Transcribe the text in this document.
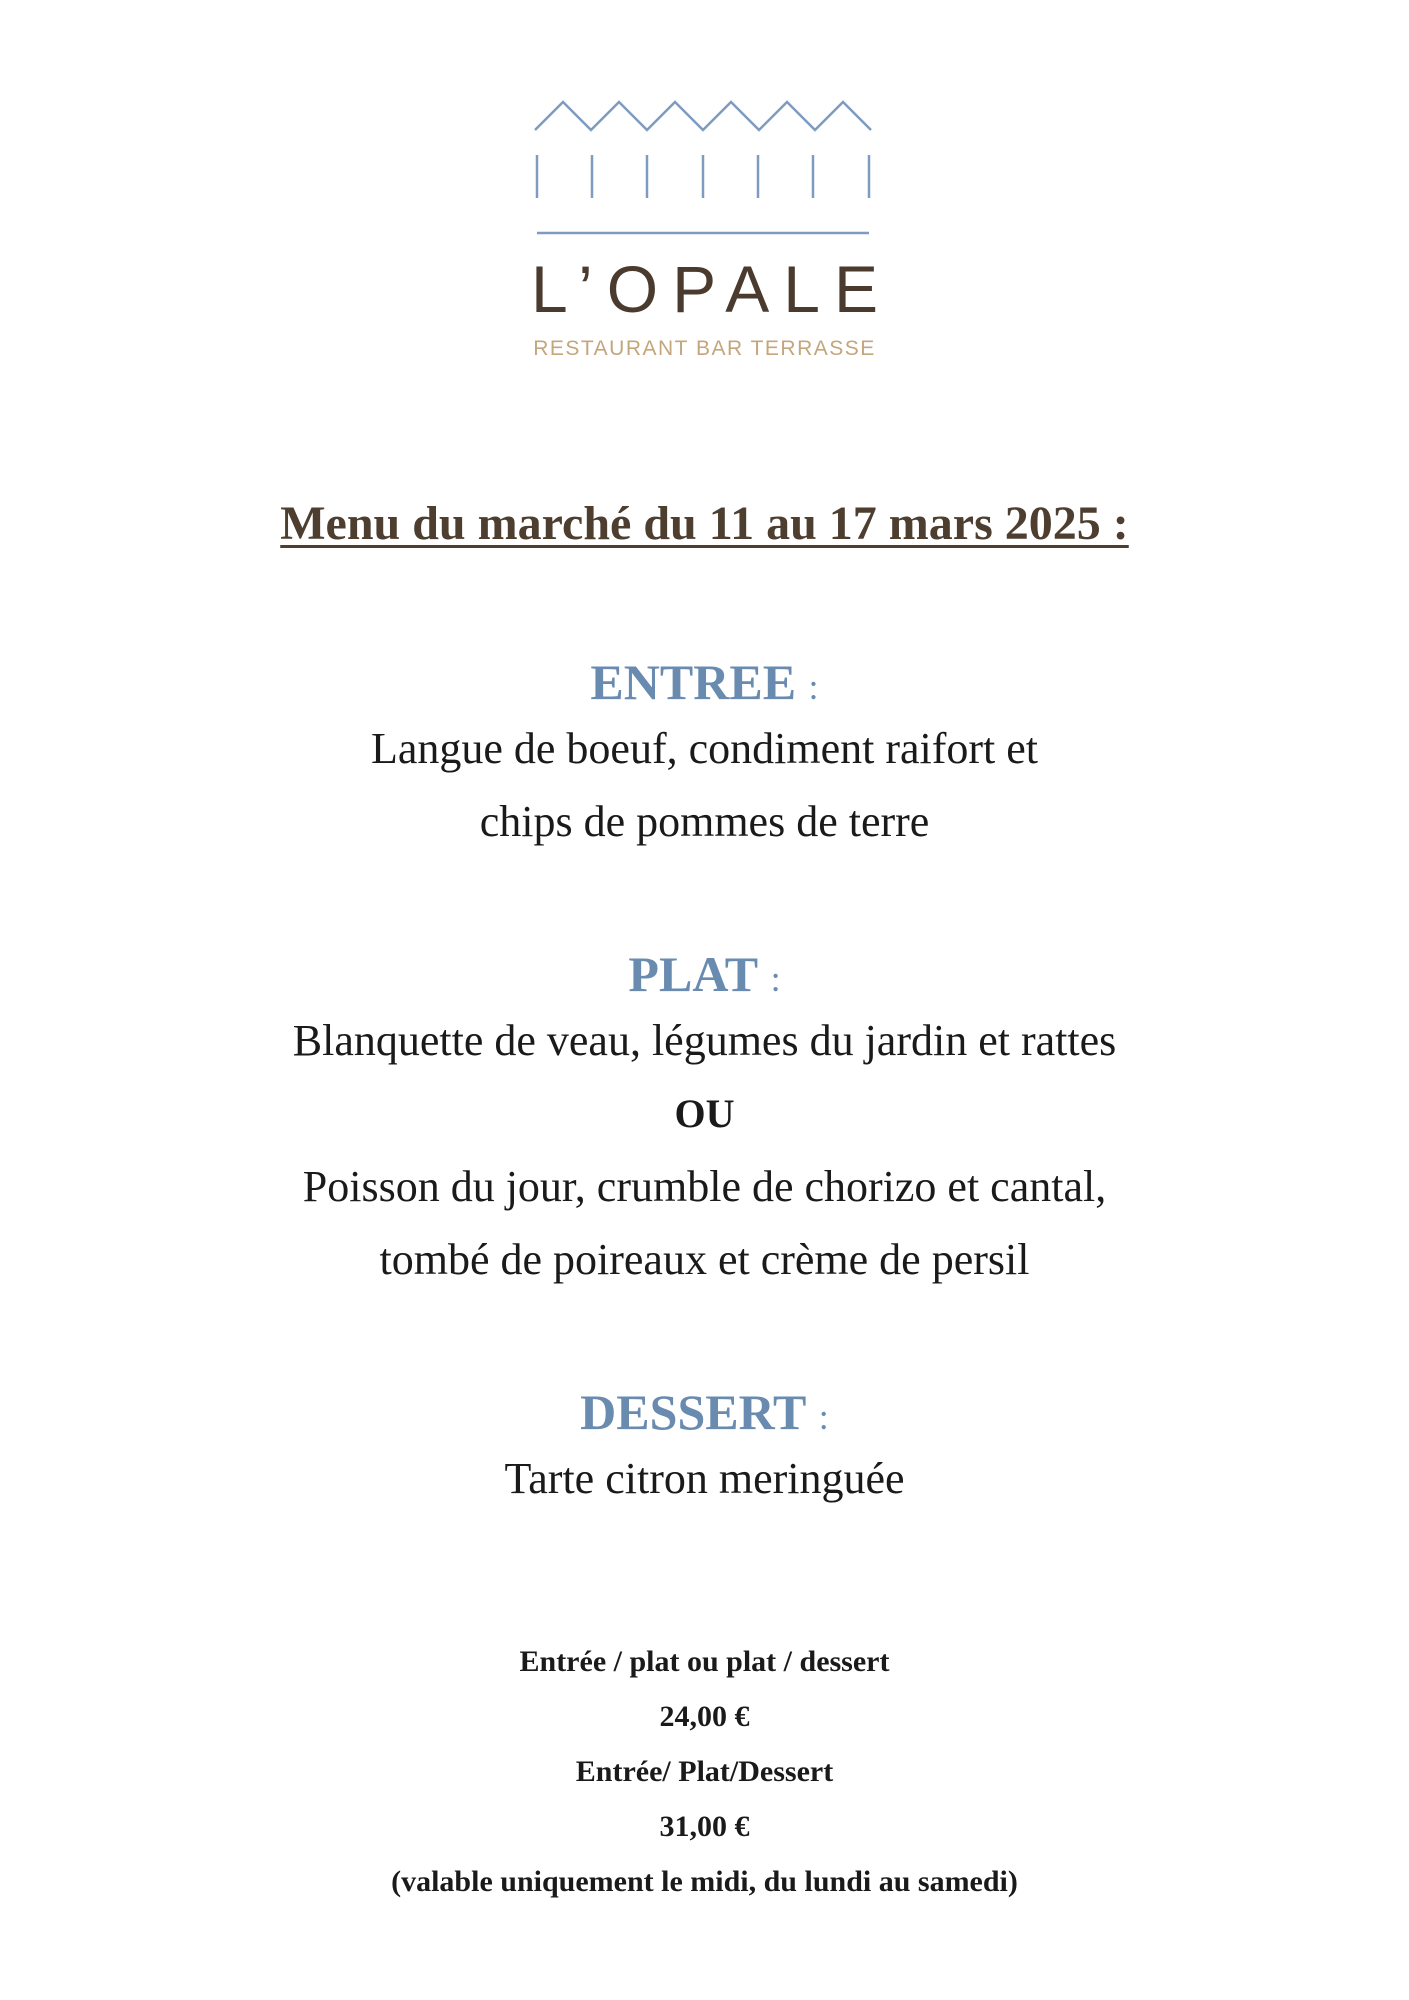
L’OPALE
RESTAURANT BAR TERRASSE
Menu du marché du 11 au 17 mars 2025 :

ENTREE :

Langue de boeuf, condiment raifort et

chips de pommes de terre

PLAT :

Blanquette de veau, légumes du jardin et rattes

OU

Poisson du jour, crumble de chorizo et cantal,

tombé de poireaux et crème de persil

DESSERT :

Tarte citron meringuée

Entrée / plat ou plat / dessert

24,00 €

Entrée/ Plat/Dessert

31,00 €

(valable uniquement le midi, du lundi au samedi)
